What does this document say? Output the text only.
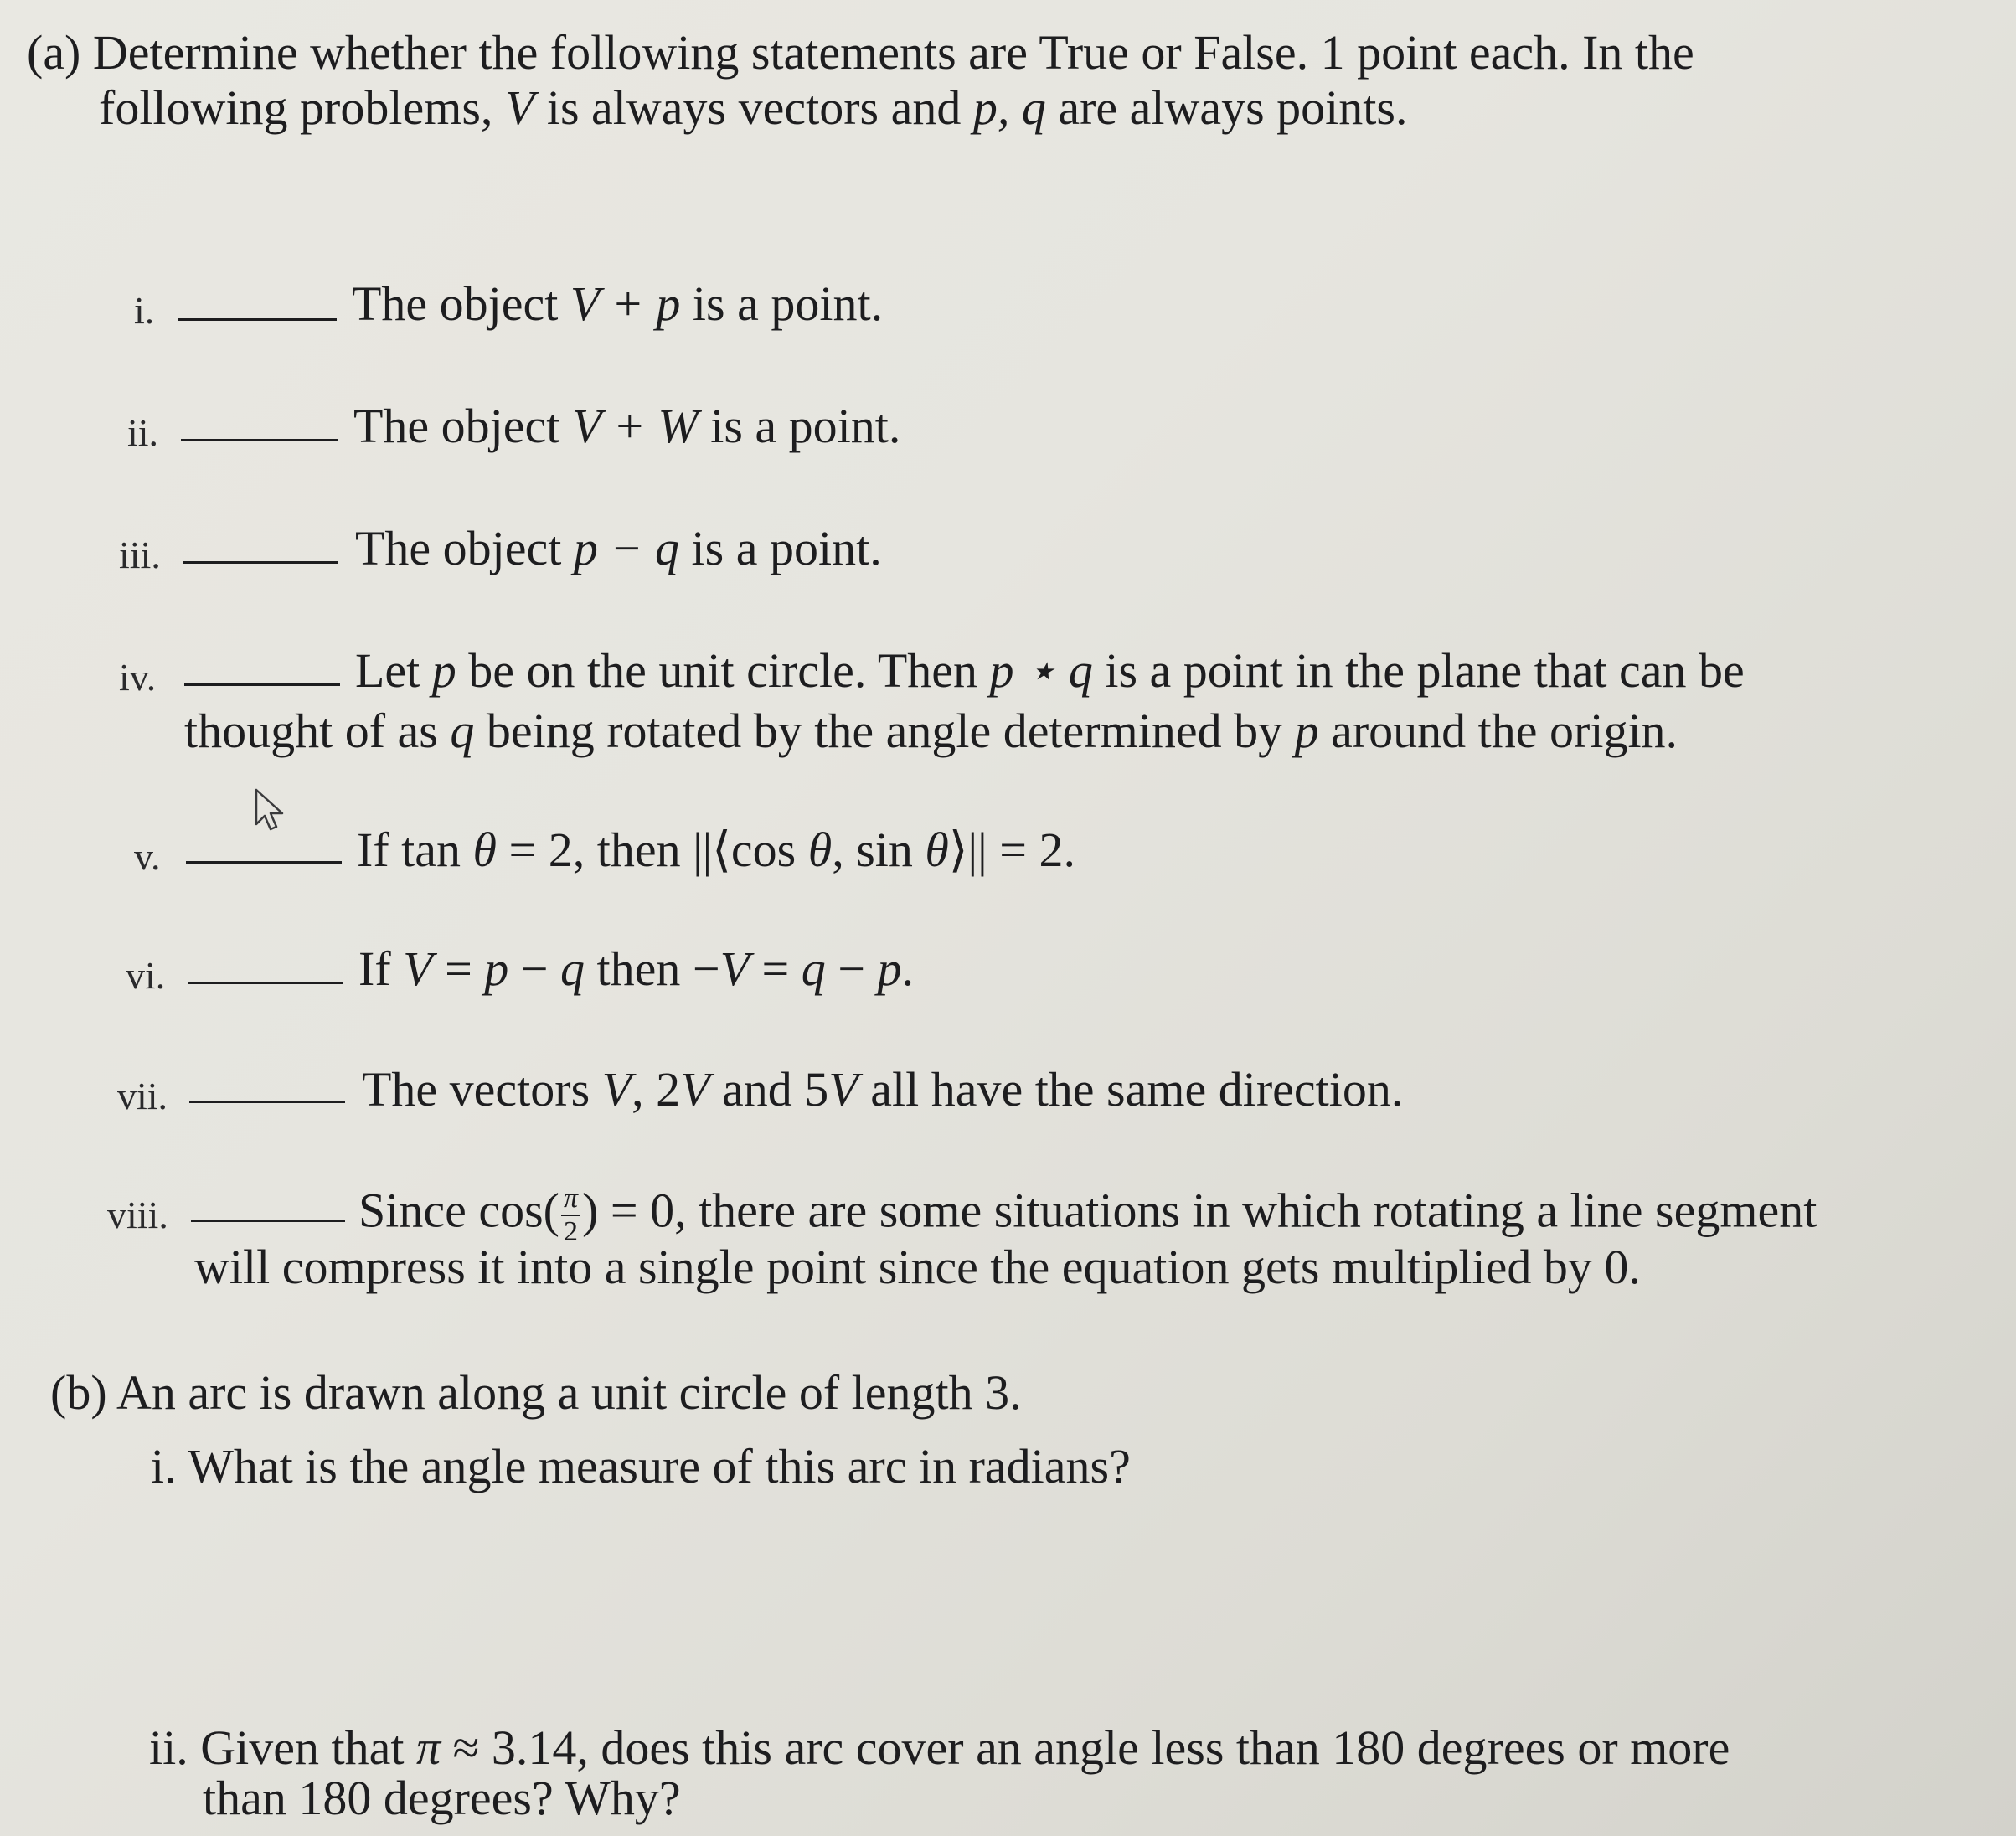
(a) Determine whether the following statements are True or False. 1 point each. In the
following problems, V is always vectors and p, q are always points.
i.	The object V + p is a point.
ii.	The object V + W is a point.
iii.	The object p − q is a point.
iv.	Let p be on the unit circle. Then p ⋆ q is a point in the plane that can be
thought of as q being rotated by the angle determined by p around the origin.
v.	If tan θ = 2, then ||⟨cos θ, sin θ⟩|| = 2.
vi.	If V = p − q then −V = q − p.
vii.	The vectors V, 2V and 5V all have the same direction.
viii.	Since $\cos( \frac{\pi}{2}$ ) = 0, there are some situations in which rotating a line segment
will compress it into a single point since the equation gets multiplied by 0.
(b) An arc is drawn along a unit circle of length 3.
i. What is the angle measure of this arc in radians?
ii. Given that π ≈ 3.14, does this arc cover an angle less than 180 degrees or more
than 180 degrees? Why?
